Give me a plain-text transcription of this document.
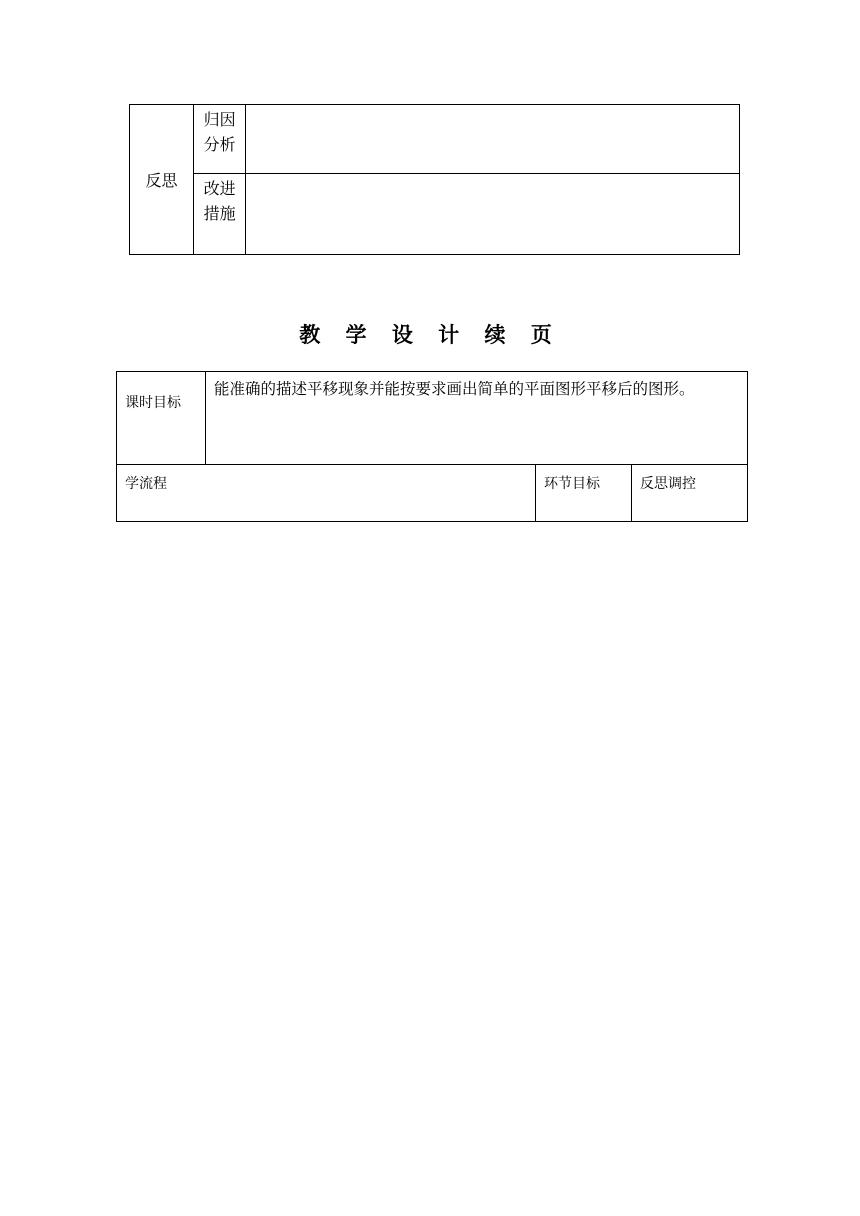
反思	归因
分析	

	改进
措施	

教 学 设 计 续 页
课时目标	能准确的描述平移现象并能按要求画出简单的平面图形平移后的图形。		
学流程		环节目标	反思调控
